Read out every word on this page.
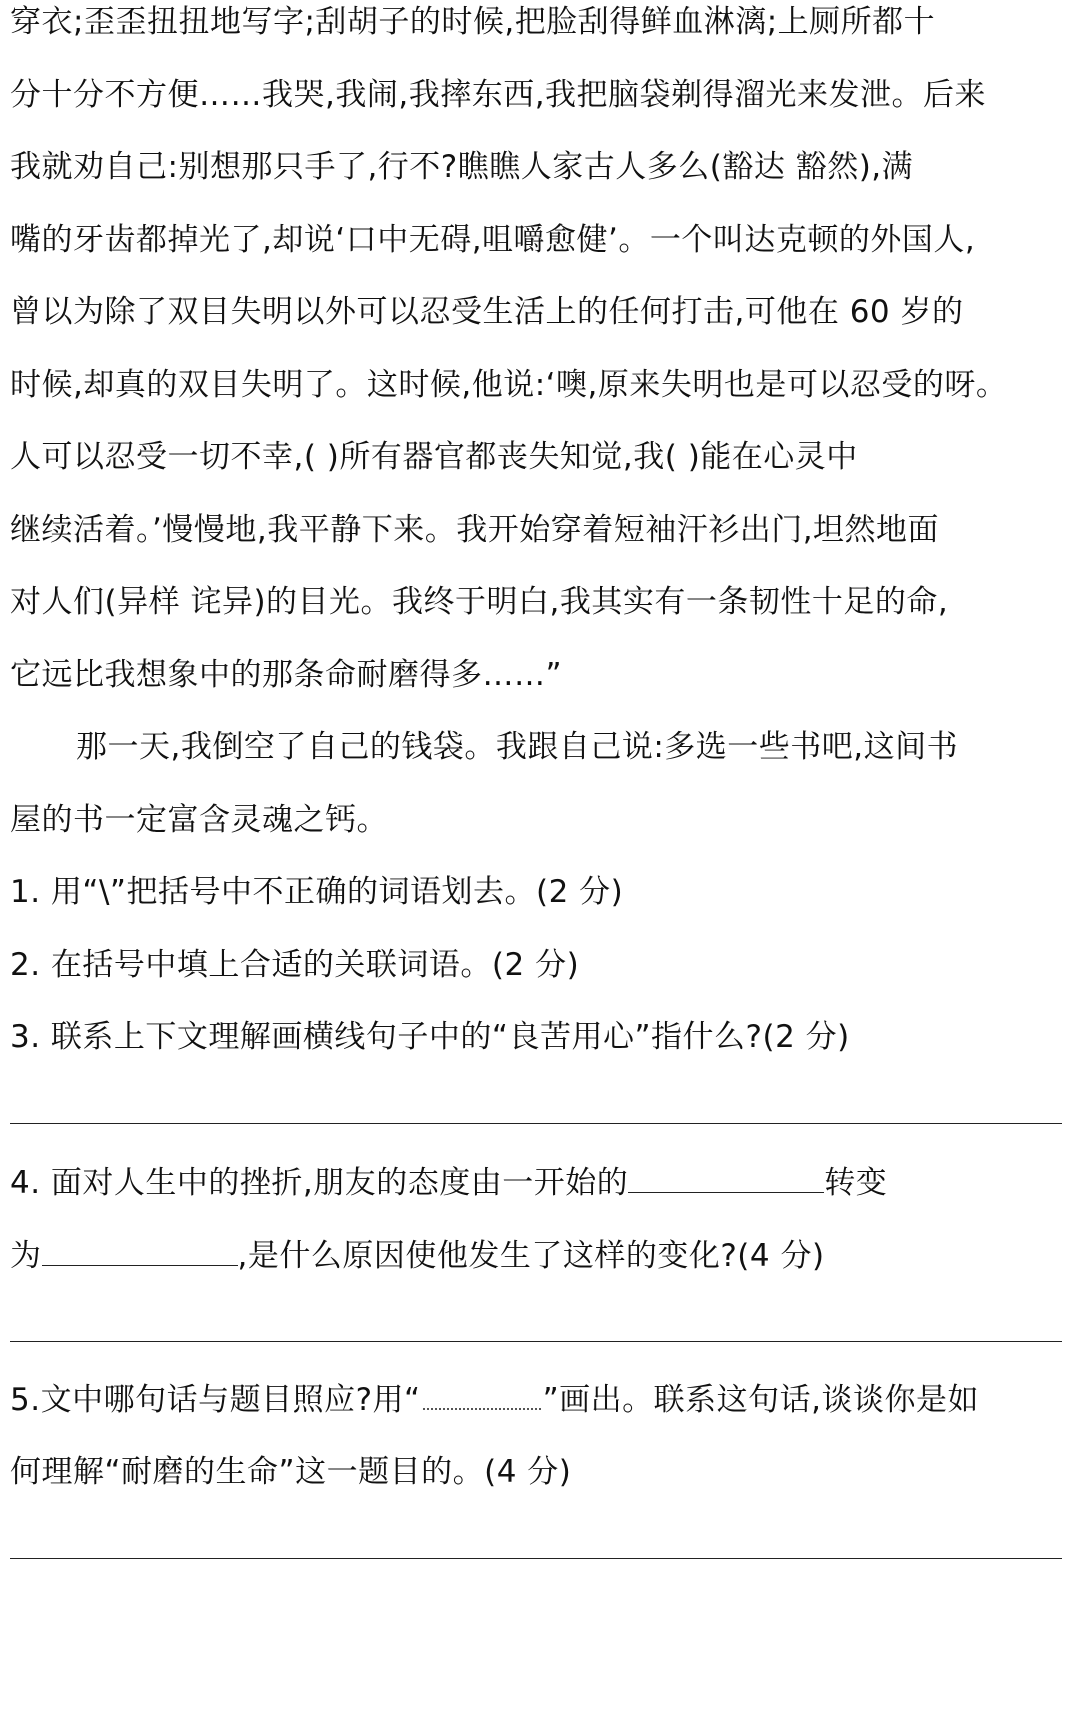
穿衣;歪歪扭扭地写字;刮胡子的时候,把脸刮得鲜血淋漓;上厕所都十
分十分不方便……我哭,我闹,我摔东西,我把脑袋剃得溜光来发泄。后来
我就劝自己:别想那只手了,行不?瞧瞧人家古人多么(豁达 豁然),满
嘴的牙齿都掉光了,却说‘口中无碍,咀嚼愈健’。一个叫达克顿的外国人,
曾以为除了双目失明以外可以忍受生活上的任何打击,可他在 60 岁的
时候,却真的双目失明了。这时候,他说:‘噢,原来失明也是可以忍受的呀。
人可以忍受一切不幸,( )所有器官都丧失知觉,我( )能在心灵中
继续活着。’慢慢地,我平静下来。我开始穿着短袖汗衫出门,坦然地面
对人们(异样 诧异)的目光。我终于明白,我其实有一条韧性十足的命,
它远比我想象中的那条命耐磨得多……”
那一天,我倒空了自己的钱袋。我跟自己说:多选一些书吧,这间书
屋的书一定富含灵魂之钙。
1. 用“\”把括号中不正确的词语划去。(2 分)
2. 在括号中填上合适的关联词语。(2 分)
3. 联系上下文理解画横线句子中的“良苦用心”指什么?(2 分)
4. 面对人生中的挫折,朋友的态度由一开始的	转变
为	,是什么原因使他发生了这样的变化?(4 分)
5.文中哪句话与题目照应?用“	”画出。联系这句话,谈谈你是如
何理解“耐磨的生命”这一题目的。(4 分)
